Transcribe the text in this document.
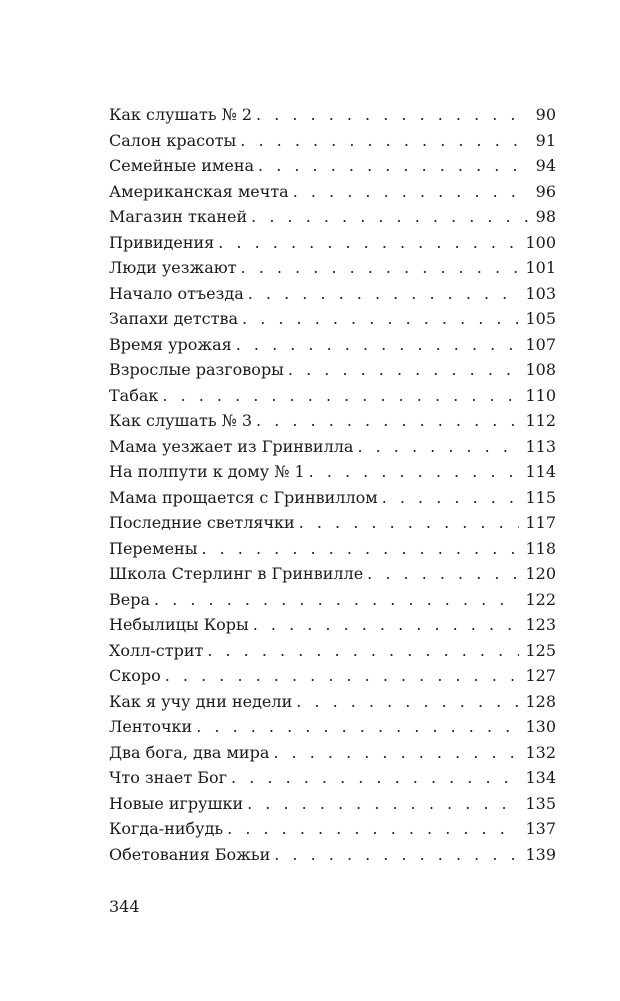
Как слушать № 2 . . .	90
Салон красоты . . .	91
Семейные имена . . .	94
Американская мечта . . .	96
Магазин тканей . . .	98
Привидения . . .	100
Люди уезжают . . .	101
Начало отъезда . . .	103
Запахи детства . . .	105
Время урожая . . .	107
Взрослые разговоры . . .	108
Табак . . .	110
Как слушать № 3 . . .	112
Мама уезжает из Гринвилла . . .	113
На полпути к дому № 1 . . .	114
Мама прощается с Гринвиллом . . .	115
Последние светлячки . . .	117
Перемены . . .	118
Школа Стерлинг в Гринвилле . . .	120
Вера . . .	122
Небылицы Коры . . .	123
Холл-стрит . . .	125
Скоро . . .	127
Как я учу дни недели . . .	128
Ленточки . . .	130
Два бога, два мира . . .	132
Что знает Бог . . .	134
Новые игрушки . . .	135
Когда-нибудь . . .	137
Обетования Божьи . . .	139
344
